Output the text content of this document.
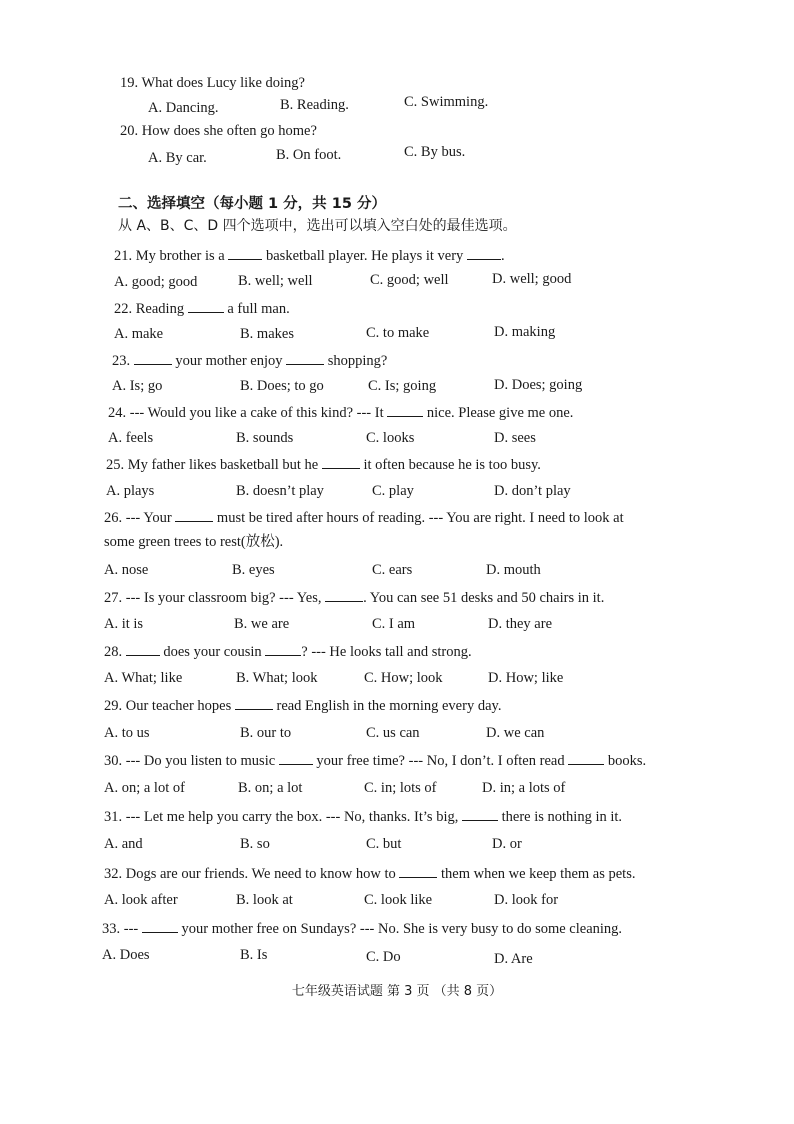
19. What does Lucy like doing?
A. Dancing.	B. Reading.	C. Swimming.
20. How does she often go home?
A. By car.	B. On foot.	C. By bus.
二、选择填空（每小题 1 分，共 15 分）
从 A、B、C、D 四个选项中，选出可以填入空白处的最佳选项。
21. My brother is a	basketball player. He plays it very	.
A. good; good	B. well; well	C. good; well	D. well; good
22. Reading	a full man.
A. make	B. makes	C. to make	D. making
23.	your mother enjoy	shopping?
A. Is; go	B. Does; to go	C. Is; going	D. Does; going
24. --- Would you like a cake of this kind? --- It	nice. Please give me one.
A. feels	B. sounds	C. looks	D. sees
25. My father likes basketball but he	it often because he is too busy.
A. plays	B. doesn’t play	C. play	D. don’t play
26. --- Your	must be tired after hours of reading. --- You are right. I need to look at
some green trees to rest(放松).
A. nose	B. eyes	C. ears	D. mouth
27. --- Is your classroom big? --- Yes,	. You can see 51 desks and 50 chairs in it.
A. it is	B. we are	C. I am	D. they are
28.	does your cousin	? --- He looks tall and strong.
A. What; like	B. What; look	C. How; look	D. How; like
29. Our teacher hopes	read English in the morning every day.
A. to us	B. our to	C. us can	D. we can
30. --- Do you listen to music	your free time? --- No, I don’t. I often read	books.
A. on; a lot of	B. on; a lot	C. in; lots of	D. in; a lots of
31. --- Let me help you carry the box. --- No, thanks. It’s big,	there is nothing in it.
A. and	B. so	C. but	D. or
32. Dogs are our friends. We need to know how to	them when we keep them as pets.
A. look after	B. look at	C. look like	D. look for
33. ---	your mother free on Sundays? --- No. She is very busy to do some cleaning.
A. Does	B. Is	C. Do	D. Are
七年级英语试题 第 3 页 （共 8 页）
